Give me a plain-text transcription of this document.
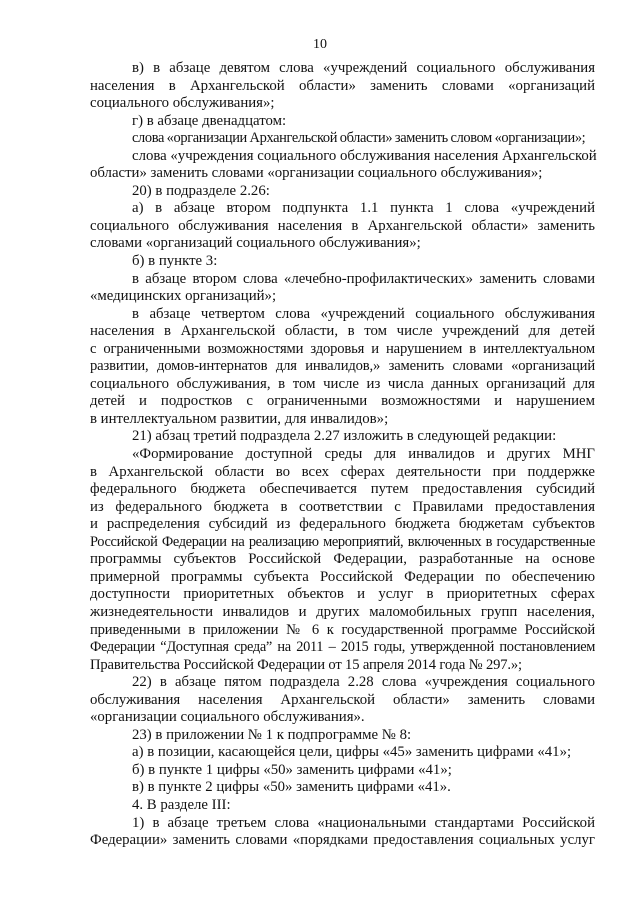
10
в) в абзаце девятом слова «учреждений социального обслуживания
населения в Архангельской области» заменить словами «организаций
социального обслуживания»;
г) в абзаце двенадцатом:
слова «организации Архангельской области» заменить словом «организации»;
слова «учреждения социального обслуживания населения Архангельской
области» заменить словами «организации социального обслуживания»;
20) в подразделе 2.26:
а) в абзаце втором подпункта 1.1 пункта 1 слова «учреждений
социального обслуживания населения в Архангельской области» заменить
словами «организаций социального обслуживания»;
б) в пункте 3:
в абзаце втором слова «лечебно-профилактических» заменить словами
«медицинских организаций»;
в абзаце четвертом слова «учреждений социального обслуживания
населения в Архангельской области, в том числе учреждений для детей
с ограниченными возможностями здоровья и нарушением в интеллектуальном
развитии, домов-интернатов для инвалидов,» заменить словами «организаций
социального обслуживания, в том числе из числа данных организаций для
детей и подростков с ограниченными возможностями и нарушением
в интеллектуальном развитии, для инвалидов»;
21) абзац третий подраздела 2.27 изложить в следующей редакции:
«Формирование доступной среды для инвалидов и других МНГ
в Архангельской области во всех сферах деятельности при поддержке
федерального бюджета обеспечивается путем предоставления субсидий
из федерального бюджета в соответствии с Правилами предоставления
и распределения субсидий из федерального бюджета бюджетам субъектов
Российской Федерации на реализацию мероприятий, включенных в государственные
программы субъектов Российской Федерации, разработанные на основе
примерной программы субъекта Российской Федерации по обеспечению
доступности приоритетных объектов и услуг в приоритетных сферах
жизнедеятельности инвалидов и других маломобильных групп населения,
приведенными в приложении № 6 к государственной программе Российской
Федерации “Доступная среда” на 2011 – 2015 годы, утвержденной постановлением
Правительства Российской Федерации от 15 апреля 2014 года № 297.»;
22) в абзаце пятом подраздела 2.28 слова «учреждения социального
обслуживания населения Архангельской области» заменить словами
«организации социального обслуживания».
23) в приложении № 1 к подпрограмме № 8:
а) в позиции, касающейся цели, цифры «45» заменить цифрами «41»;
б) в пункте 1 цифры «50» заменить цифрами «41»;
в) в пункте 2 цифры «50» заменить цифрами «41».
4. В разделе III:
1) в абзаце третьем слова «национальными стандартами Российской
Федерации» заменить словами «порядками предоставления социальных услуг
